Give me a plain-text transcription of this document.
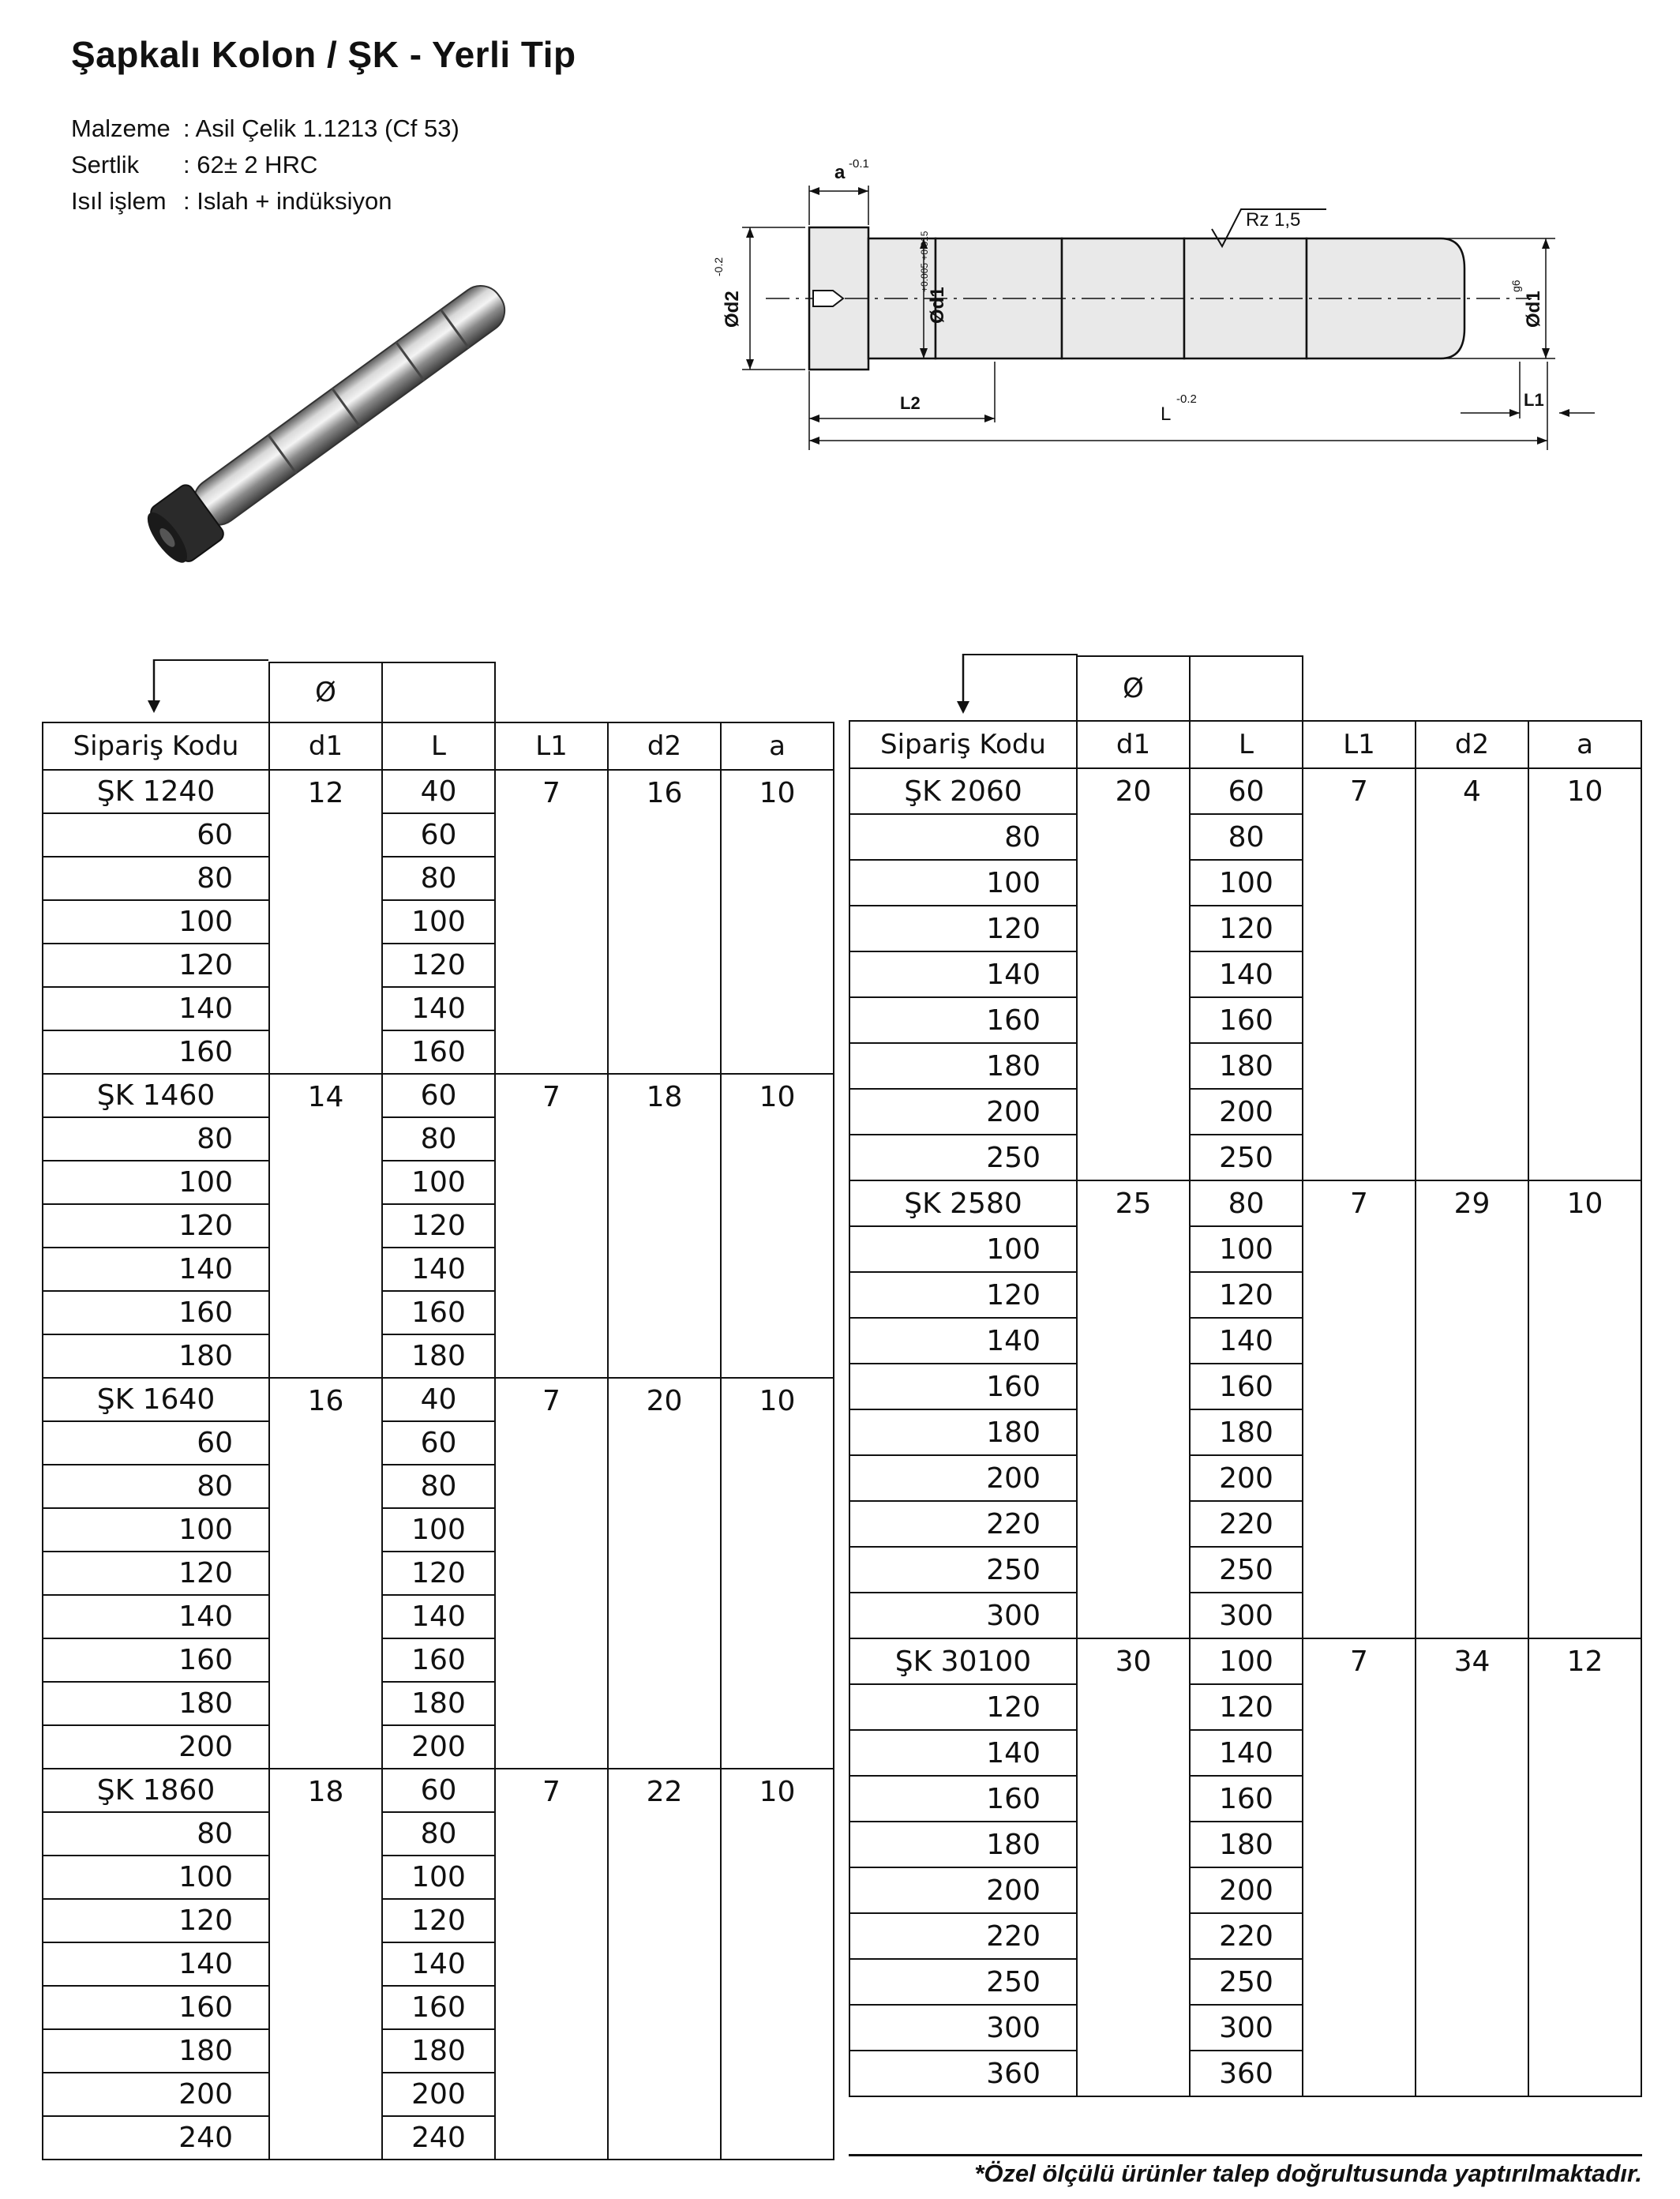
Şapkalı Kolon / ŞK - Yerli Tip
Malzeme : Asil Çelik 1.1213 (Cf 53)
Sertlik	: 62± 2 HRC
Isıl işlem : Islah + indüksiyon
a -0.1
Rz 1,5
Ød2
-0.2
Ød1
+0.005 +0.015
Ød1
g6
L2
L
-0.2	L1
	Ø				
Sipariş Kodu	d1	L	L1	d2	a
ŞK 1240	12	40	7	16	10
60		60			
80		80			
100		100			
120		120			
140		140			
160		160			
ŞK 1460	14	60	7	18	10
80		80			
100		100			
120		120			
140		140			
160		160			
180		180			
ŞK 1640	16	40	7	20	10
60		60			
80		80			
100		100			
120		120			
140		140			
160		160			
180		180			
200		200			
ŞK 1860	18	60	7	22	10
80		80			
100		100			
120		120			
140		140			
160		160			
180		180			
200		200			
240		240			
	Ø				
Sipariş Kodu	d1	L	L1	d2	a
ŞK 2060	20	60	7	4	10
80		80			
100		100			
120		120			
140		140			
160		160			
180		180			
200		200			
250		250			
ŞK 2580	25	80	7	29	10
100		100			
120		120			
140		140			
160		160			
180		180			
200		200			
220		220			
250		250			
300		300			
ŞK 30100	30	100	7	34	12
120		120			
140		140			
160		160			
180		180			
200		200			
220		220			
250		250			
300		300			
360		360			
*Özel ölçülü ürünler talep doğrultusunda yaptırılmaktadır.
